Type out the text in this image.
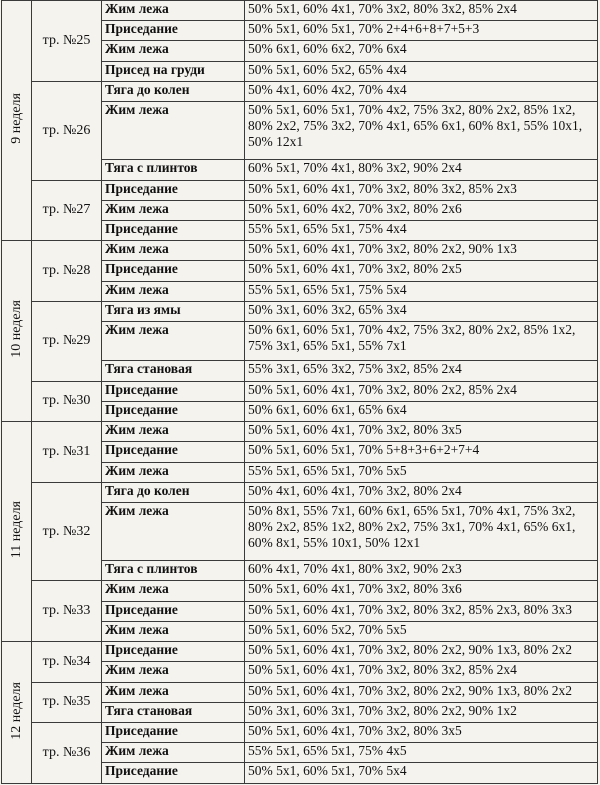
9 неделя	тр. №25	Жим лежа	50% 5х1, 60% 4х1, 70% 3х2, 80% 3х2, 85% 2х4
		Приседание	50% 5х1, 60% 5х1, 70% 2+4+6+8+7+5+3
		Жим лежа	50% 6х1, 60% 6х2, 70% 6х4
		Присед на груди	50% 5х1, 60% 5х2, 65% 4х4
	тр. №26	Тяга до колен	50% 4х1, 60% 4х2, 70% 4х4
		Жим лежа	50% 5х1, 60% 5х1, 70% 4х2, 75% 3х2, 80% 2х2, 85% 1х2, 80% 2х2, 75% 3х2, 70% 4х1, 65% 6х1, 60% 8х1, 55% 10х1, 50% 12х1
		Тяга с плинтов	60% 5х1, 70% 4х1, 80% 3х2, 90% 2х4
	тр. №27	Приседание	50% 5х1, 60% 4х1, 70% 3х2, 80% 3х2, 85% 2х3
		Жим лежа	50% 5х1, 60% 4х2, 70% 3х2, 80% 2х6
		Приседание	55% 5х1, 65% 5х1, 75% 4х4
10 неделя	тр. №28	Жим лежа	50% 5х1, 60% 4х1, 70% 3х2, 80% 2х2, 90% 1х3
		Приседание	50% 5х1, 60% 4х1, 70% 3х2, 80% 2х5
		Жим лежа	55% 5х1, 65% 5х1, 75% 5х4
	тр. №29	Тяга из ямы	50% 3х1, 60% 3х2, 65% 3х4
		Жим лежа	50% 6х1, 60% 5х1, 70% 4х2, 75% 3х2, 80% 2х2, 85% 1х2, 75% 3х1, 65% 5х1, 55% 7х1
		Тяга становая	55% 3х1, 65% 3х2, 75% 3х2, 85% 2х4
	тр. №30	Приседание	50% 5х1, 60% 4х1, 70% 3х2, 80% 2х2, 85% 2х4
		Приседание	50% 6х1, 60% 6х1, 65% 6х4
11 неделя	тр. №31	Жим лежа	50% 5х1, 60% 4х1, 70% 3х2, 80% 3х5
		Приседание	50% 5х1, 60% 5х1, 70% 5+8+3+6+2+7+4
		Жим лежа	55% 5х1, 65% 5х1, 70% 5х5
	тр. №32	Тяга до колен	50% 4х1, 60% 4х1, 70% 3х2, 80% 2х4
		Жим лежа	50% 8х1, 55% 7х1, 60% 6х1, 65% 5х1, 70% 4х1, 75% 3х2, 80% 2х2, 85% 1х2, 80% 2х2, 75% 3х1, 70% 4х1, 65% 6х1, 60% 8х1, 55% 10х1, 50% 12х1
		Тяга с плинтов	60% 4х1, 70% 4х1, 80% 3х2, 90% 2х3
	тр. №33	Жим лежа	50% 5х1, 60% 4х1, 70% 3х2, 80% 3х6
		Приседание	50% 5х1, 60% 4х1, 70% 3х2, 80% 3х2, 85% 2х3, 80% 3х3
		Жим лежа	50% 5х1, 60% 5х2, 70% 5х5
12 неделя	тр. №34	Приседание	50% 5х1, 60% 4х1, 70% 3х2, 80% 2х2, 90% 1х3, 80% 2х2
		Жим лежа	50% 5х1, 60% 4х1, 70% 3х2, 80% 3х2, 85% 2х4
	тр. №35	Жим лежа	50% 5х1, 60% 4х1, 70% 3х2, 80% 2х2, 90% 1х3, 80% 2х2
		Тяга становая	50% 3х1, 60% 3х1, 70% 3х2, 80% 2х2, 90% 1х2
	тр. №36	Приседание	50% 5х1, 60% 4х1, 70% 3х2, 80% 3х5
		Жим лежа	55% 5х1, 65% 5х1, 75% 4х5
		Приседание	50% 5х1, 60% 5х1, 70% 5х4
